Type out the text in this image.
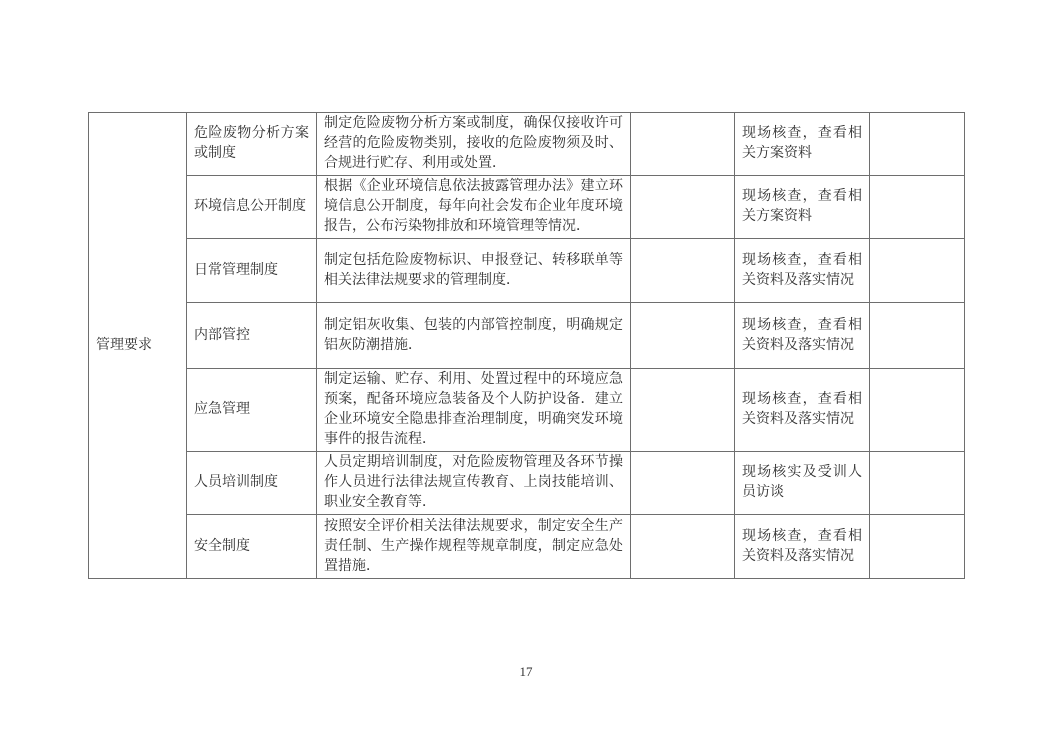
管理要求	危险废物分析方案或制度	制定危险废物分析方案或制度，确保仅接收许可经营的危险废物类别，接收的危险废物须及时、合规进行贮存、利用或处置．		现场核查，查看相关方案资料	
	环境信息公开制度	根据《企业环境信息依法披露管理办法》建立环境信息公开制度，每年向社会发布企业年度环境报告，公布污染物排放和环境管理等情况．		现场核查，查看相关方案资料	
	日常管理制度	制定包括危险废物标识、申报登记、转移联单等相关法律法规要求的管理制度．		现场核查，查看相关资料及落实情况	
	内部管控	制定铝灰收集、包装的内部管控制度，明确规定铝灰防潮措施．		现场核查，查看相关资料及落实情况	
	应急管理	制定运输、贮存、利用、处置过程中的环境应急预案，配备环境应急装备及个人防护设备．建立企业环境安全隐患排查治理制度，明确突发环境事件的报告流程．		现场核查，查看相关资料及落实情况	
	人员培训制度	人员定期培训制度，对危险废物管理及各环节操作人员进行法律法规宣传教育、上岗技能培训、职业安全教育等．		现场核实及受训人员访谈	
	安全制度	按照安全评价相关法律法规要求，制定安全生产责任制、生产操作规程等规章制度，制定应急处置措施．		现场核查，查看相关资料及落实情况	
17
